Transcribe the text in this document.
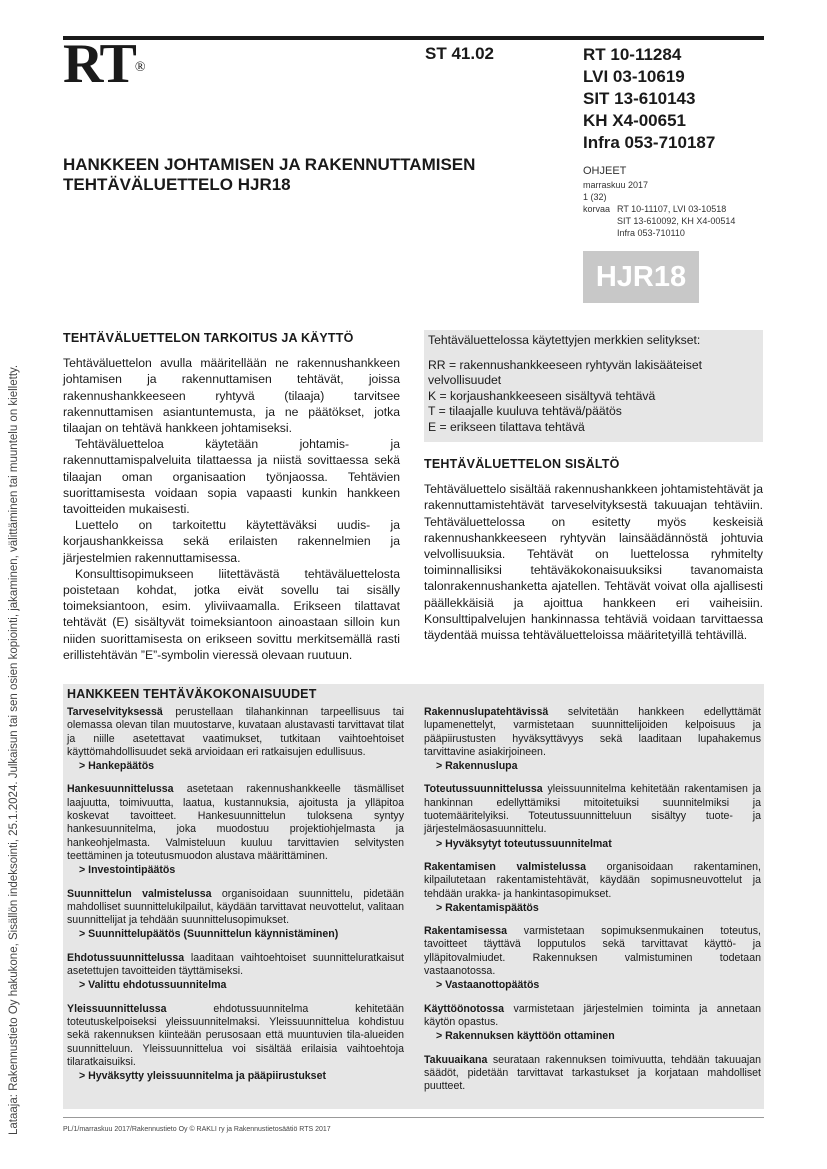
RT®
ST 41.02	RT 10-11284
LVI 03-10619
SIT 13-610143
KH X4-00651
Infra 053-710187
HANKKEEN JOHTAMISEN JA RAKENNUTTAMISEN
TEHTÄVÄLUETTELO HJR18
OHJEET
marraskuu 2017
1 (32)
korvaa RT 10-11107, LVI 03-10518
SIT 13-610092, KH X4-00514
Infra 053-710110
HJR18
Lataaja: Rakennustieto Oy hakukone, Sisällön indeksointi, 25.1.2024. Julkaisun tai sen osien kopiointi, jakaminen, välittäminen tai muuntelu on kielletty.
TEHTÄVÄLUETTELON TARKOITUS JA KÄYTTÖ

Tehtäväluettelon avulla määritellään ne rakennushankkeen johtamisen ja rakennuttamisen tehtävät, joissa rakennushankkeeseen ryhtyvä (tilaaja) tarvitsee rakennuttamisen asiantuntemusta, ja ne päätökset, jotka tilaajan on tehtävä hankkeen johtamiseksi.

Tehtäväluetteloa käytetään johtamis- ja rakennuttamispalveluita tilattaessa ja niistä sovittaessa sekä tilaajan oman organisaation työnjaossa. Tehtävien suorittamisesta voidaan sopia vapaasti kunkin hankkeen tavoitteiden mukaisesti.

Luettelo on tarkoitettu käytettäväksi uudis- ja korjaushankkeissa sekä erilaisten rakennelmien ja järjestelmien rakennuttamisessa.

Konsulttisopimukseen liitettävästä tehtäväluettelosta poistetaan kohdat, jotka eivät sovellu tai sisälly toimeksiantoon, esim. yliviivaamalla. Erikseen tilattavat tehtävät (E) sisältyvät toimeksiantoon ainoastaan silloin kun niiden suorittamisesta on erikseen sovittu merkitsemällä rasti erillistehtävän ”E”-symbolin vieressä olevaan ruutuun.

Tehtäväluettelossa käytettyjen merkkien selitykset:
RR = rakennushankkeeseen ryhtyvän lakisääteiset velvollisuudet
K = korjaushankkeeseen sisältyvä tehtävä
T = tilaajalle kuuluva tehtävä/päätös
E = erikseen tilattava tehtävä
TEHTÄVÄLUETTELON SISÄLTÖ

Tehtäväluettelo sisältää rakennushankkeen johtamistehtävät ja rakennuttamistehtävät tarveselvityksestä takuuajan tehtäviin. Tehtäväluettelossa on esitetty myös keskeisiä rakennushankkeeseen ryhtyvän lainsäädännöstä johtuvia velvollisuuksia. Tehtävät on luettelossa ryhmitelty toiminnallisiksi tehtäväkokonaisuuksiksi tavanomaista talonrakennushanketta ajatellen. Tehtävät voivat olla ajallisesti päällekkäisiä ja ajoittua hankkeen eri vaiheisiin. Konsulttipalvelujen hankinnassa tehtäviä voidaan tarvittaessa täydentää muissa tehtäväluetteloissa määritetyillä tehtävillä.

HANKKEEN TEHTÄVÄKOKONAISUUDET

Tarveselvityksessä perustellaan tilahankinnan tarpeellisuus tai olemassa olevan tilan muutostarve, kuvataan alustavasti tarvittavat tilat ja niille asetettavat vaatimukset, tutkitaan vaihtoehtoiset käyttömahdollisuudet sekä arvioidaan eri ratkaisujen edullisuus.

> Hankepäätös

Hankesuunnittelussa asetetaan rakennushankkeelle täsmälliset laajuutta, toimivuutta, laatua, kustannuksia, ajoitusta ja ylläpitoa koskevat tavoitteet. Hankesuunnittelun tuloksena syntyy hankesuunnitelma, joka muodostuu projektiohjelmasta ja hankeohjelmasta. Valmisteluun kuuluu tarvittavien selvitysten teettäminen ja toteutusmuodon alustava määrittäminen.

> Investointipäätös

Suunnittelun valmistelussa organisoidaan suunnittelu, pidetään mahdolliset suunnittelukilpailut, käydään tarvittavat neuvottelut, valitaan suunnittelijat ja tehdään suunnittelusopimukset.

> Suunnittelupäätös (Suunnittelun käynnistäminen)

Ehdotussuunnittelussa laaditaan vaihtoehtoiset suunnitteluratkaisut asetettujen tavoitteiden täyttämiseksi.

> Valittu ehdotussuunnitelma

Yleissuunnittelussa ehdotussuunnitelma kehitetään toteutuskelpoiseksi yleissuunnitelmaksi. Yleissuunnittelua kohdistuu sekä rakennuksen kiinteään perusosaan että muuntuvien tila-alueiden suunnitteluun. Yleissuunnittelua voi sisältää erilaisia vaihtoehtoja tilaratkaisuiksi.

> Hyväksytty yleissuunnitelma ja pääpiirustukset

Rakennuslupatehtävissä selvitetään hankkeen edellyttämät lupamenettelyt, varmistetaan suunnittelijoiden kelpoisuus ja pääpiirustusten hyväksyttävyys sekä laaditaan lupahakemus tarvittavine asiakirjoineen.

> Rakennuslupa

Toteutussuunnittelussa yleissuunnitelma kehitetään rakentamisen ja hankinnan edellyttämiksi mitoitetuiksi suunnitelmiksi ja tuotemääritelyiksi. Toteutussuunnitteluun sisältyy tuote- ja järjestelmäosasuunnittelu.

> Hyväksytyt toteutussuunnitelmat

Rakentamisen valmistelussa organisoidaan rakentaminen, kilpailutetaan rakentamistehtävät, käydään sopimusneuvottelut ja tehdään urakka- ja hankintasopimukset.

> Rakentamispäätös

Rakentamisessa varmistetaan sopimuksenmukainen toteutus, tavoitteet täyttävä lopputulos sekä tarvittavat käyttö- ja ylläpitovalmiudet. Rakennuksen valmistuminen todetaan vastaanotossa.

> Vastaanottopäätös

Käyttöönotossa varmistetaan järjestelmien toiminta ja annetaan käytön opastus.

> Rakennuksen käyttöön ottaminen

Takuuaikana seurataan rakennuksen toimivuutta, tehdään takuuajan säädöt, pidetään tarvittavat tarkastukset ja korjataan mahdolliset puutteet.

PL/1/marraskuu 2017/Rakennustieto Oy © RAKLI ry ja Rakennustietosäätiö RTS 2017
